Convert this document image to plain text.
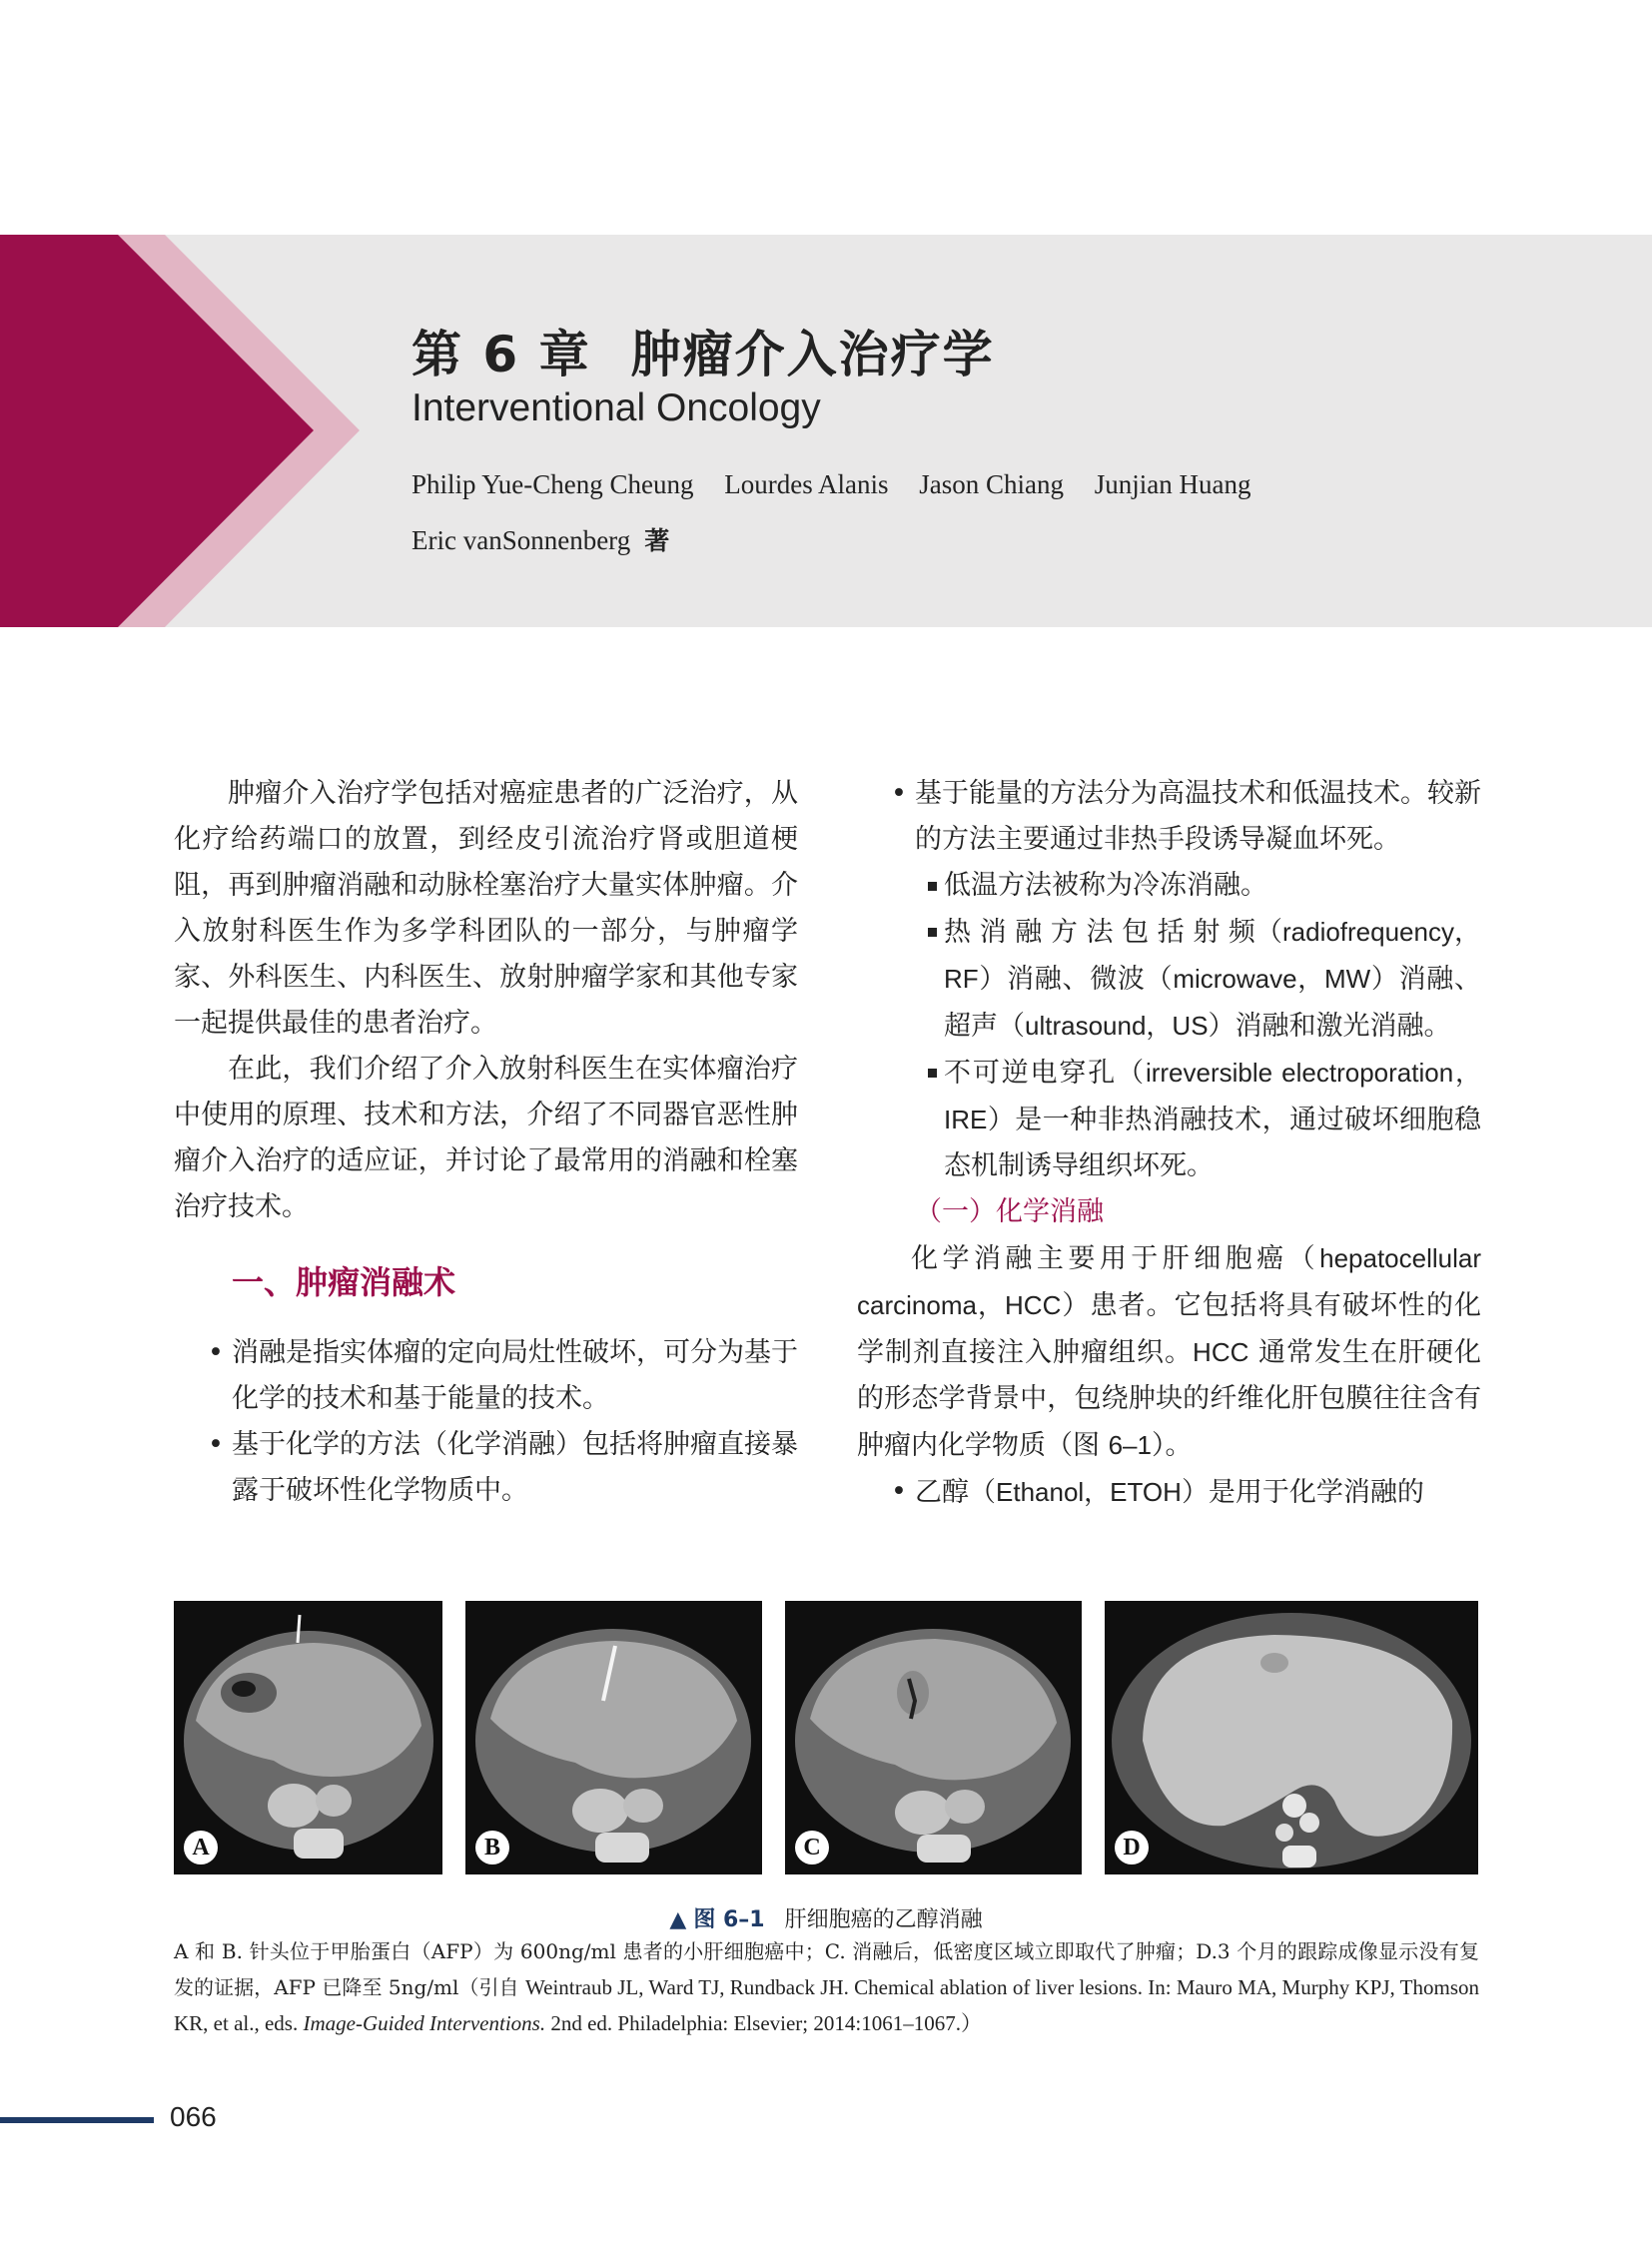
第 6 章 肿瘤介入治疗学
Interventional Oncology
Philip Yue-Cheng Cheung Lourdes Alanis Jason Chiang Junjian Huang
Eric vanSonnenberg 著

肿瘤介入治疗学包括对癌症患者的广泛治疗，从化疗给药端口的放置，到经皮引流治疗肾或胆道梗阻，再到肿瘤消融和动脉栓塞治疗大量实体肿瘤。介入放射科医生作为多学科团队的一部分，与肿瘤学家、外科医生、内科医生、放射肿瘤学家和其他专家一起提供最佳的患者治疗。

在此，我们介绍了介入放射科医生在实体瘤治疗中使用的原理、技术和方法，介绍了不同器官恶性肿瘤介入治疗的适应证，并讨论了最常用的消融和栓塞治疗技术。

一、肿瘤消融术

• 消融是指实体瘤的定向局灶性破坏，可分为基于化学的技术和基于能量的技术。

• 基于化学的方法（化学消融）包括将肿瘤直接暴露于破坏性化学物质中。

• 基于能量的方法分为高温技术和低温技术。较新的方法主要通过非热手段诱导凝血坏死。

低温方法被称为冷冻消融。

热 消 融 方 法 包 括 射 频（radiofrequency，RF）消融、微波（microwave，MW）消融、超声（ultrasound，US）消融和激光消融。

不可逆电穿孔（irreversible electroporation，IRE）是一种非热消融技术，通过破坏细胞稳态机制诱导组织坏死。

（一）化学消融

化学消融主要用于肝细胞癌（hepatocellular carcinoma，HCC）患者。它包括将具有破坏性的化学制剂直接注入肿瘤组织。HCC 通常发生在肝硬化的形态学背景中，包绕肿块的纤维化肝包膜往往含有肿瘤内化学物质（图 6–1）。

• 乙醇（Ethanol，ETOH）是用于化学消融的

A	B	C	D
▲ 图 6–1 肝细胞癌的乙醇消融
A 和 B. 针头位于甲胎蛋白（AFP）为 600ng/ml 患者的小肝细胞癌中；C. 消融后，低密度区域立即取代了肿瘤；D.3 个月的跟踪成像显示没有复发的证据，AFP 已降至 5ng/ml（引自 Weintraub JL, Ward TJ, Rundback JH. Chemical ablation of liver lesions. In: Mauro MA, Murphy KPJ, Thomson KR, et al., eds. Image-Guided Interventions. 2nd ed. Philadelphia: Elsevier; 2014:1061–1067.）
066
